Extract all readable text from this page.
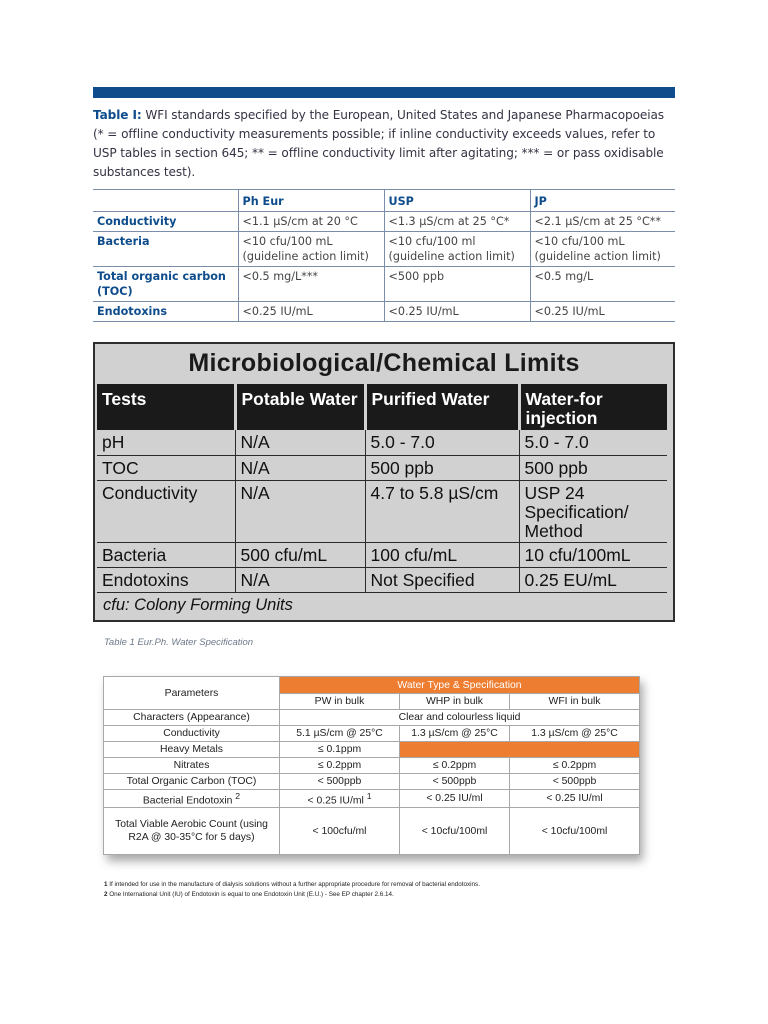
Table I: WFI standards specified by the European, United States and Japanese Pharmacopoeias (* = offline conductivity measurements possible; if inline conductivity exceeds values, refer to USP tables in section 645; ** = offline conductivity limit after agitating; *** = or pass oxidisable substances test).

	Ph Eur	USP	JP
Conductivity	<1.1 µS/cm at 20 °C	<1.3 µS/cm at 25 °C*	<2.1 µS/cm at 25 °C**
Bacteria	<10 cfu/100 mL (guideline action limit)	<10 cfu/100 ml (guideline action limit)	<10 cfu/100 mL (guideline action limit)
Total organic carbon (TOC)	<0.5 mg/L***	<500 ppb	<0.5 mg/L
Endotoxins	<0.25 IU/mL	<0.25 IU/mL	<0.25 IU/mL
Microbiological/Chemical Limits
Tests	Potable Water	Purified Water	Water-for injection
pH	N/A	5.0 - 7.0	5.0 - 7.0
TOC	N/A	500 ppb	500 ppb
Conductivity	N/A	4.7 to 5.8 µS/cm	USP 24 Specification/ Method
Bacteria	500 cfu/mL	100 cfu/mL	10 cfu/100mL
Endotoxins	N/A	Not Specified	0.25 EU/mL
cfu: Colony Forming Units
Table 1 Eur.Ph. Water Specification
Parameters	Water Type & Specification		
	PW in bulk	WHP in bulk	WFI in bulk
Characters (Appearance)	Clear and colourless liquid		
Conductivity	5.1 µS/cm @ 25°C	1.3 µS/cm @ 25°C	1.3 µS/cm @ 25°C
Heavy Metals	≤ 0.1ppm		
Nitrates	≤ 0.2ppm	≤ 0.2ppm	≤ 0.2ppm
Total Organic Carbon (TOC)	< 500ppb	< 500ppb	< 500ppb
Bacterial Endotoxin $^2$	< 0.25 IU/ml $^1$	< 0.25 IU/ml	< 0.25 IU/ml
Total Viable Aerobic Count (using R2A @ 30-35°C for 5 days)	< 100cfu/ml	< 10cfu/100ml	< 10cfu/100ml
1 If intended for use in the manufacture of dialysis solutions without a further appropriate procedure for removal of bacterial endotoxins.
2 One International Unit (IU) of Endotoxin is equal to one Endotoxin Unit (E.U.) - See EP chapter 2.6.14.
